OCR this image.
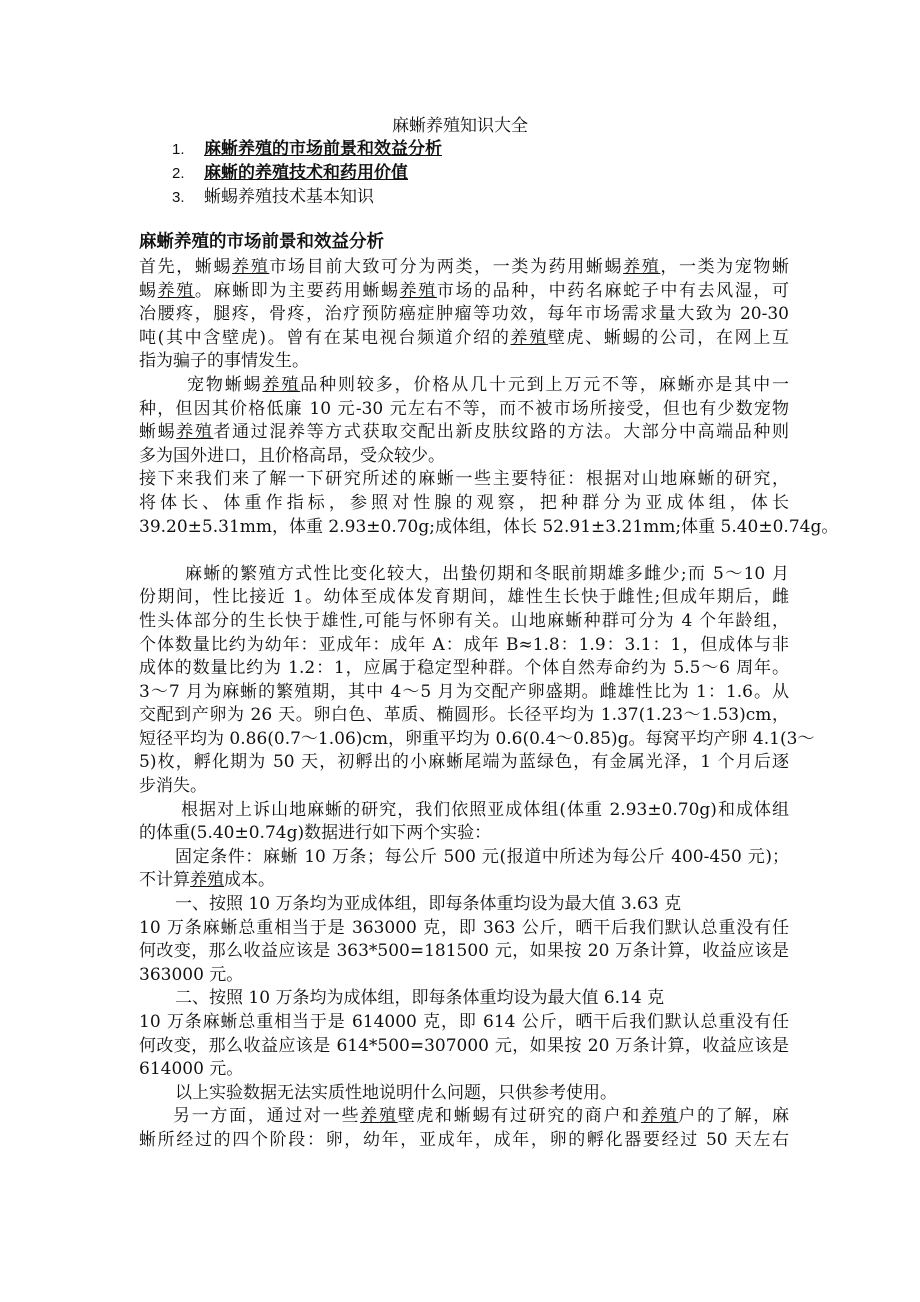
麻蜥养殖知识大全
1. 麻蜥养殖的市场前景和效益分析
2. 麻蜥的养殖技术和药用价值
3. 蜥蜴养殖技术基本知识
麻蜥养殖的市场前景和效益分析
首先，蜥蜴养殖市场目前大致可分为两类，一类为药用蜥蜴养殖，一类为宠物蜥
蜴养殖。麻蜥即为主要药用蜥蜴养殖市场的品种，中药名麻蛇子中有去风湿，可
冶腰疼，腿疼，骨疼，治疗预防癌症肿瘤等功效，每年市场需求量大致为 20-30
吨(其中含壁虎)。曾有在某电视台频道介绍的养殖壁虎、蜥蜴的公司，在网上互
指为骗子的事情发生。
宠物蜥蜴养殖品种则较多，价格从几十元到上万元不等，麻蜥亦是其中一
种，但因其价格低廉 10 元-30 元左右不等，而不被市场所接受，但也有少数宠物
蜥蜴养殖者通过混养等方式获取交配出新皮肤纹路的方法。大部分中高端品种则
多为国外进口，且价格高昂，受众较少。
接下来我们来了解一下研究所述的麻蜥一些主要特征：根据对山地麻蜥的研究，
将体长、体重作指标，参照对性腺的观察，把种群分为亚成体组，体长
39.20±5.31mm，体重 2.93±0.70g;成体组，体长 52.91±3.21mm;体重 5.40±0.74g。
麻蜥的繁殖方式性比变化较大，出蛰仞期和冬眠前期雄多雌少;而 5～10 月
份期间，性比接近 1。幼体至成体发育期间，雄性生长快于雌性;但成年期后，雌
性头体部分的生长快于雄性,可能与怀卵有关。山地麻蜥种群可分为 4 个年龄组，
个体数量比约为幼年：亚成年：成年 A：成年 B≈1.8：1.9：3.1：1，但成体与非
成体的数量比约为 1.2：1，应属于稳定型种群。个体自然寿命约为 5.5～6 周年。
3～7 月为麻蜥的繁殖期，其中 4～5 月为交配产卵盛期。雌雄性比为 1：1.6。从
交配到产卵为 26 天。卵白色、革质、椭圆形。长径平均为 1.37(1.23～1.53)cm，
短径平均为 0.86(0.7～1.06)cm，卵重平均为 0.6(0.4～0.85)g。每窝平均产卵 4.1(3～
5)枚，孵化期为 50 天，初孵出的小麻蜥尾端为蓝绿色，有金属光泽，1 个月后逐
步消失。
根据对上诉山地麻蜥的研究，我们依照亚成体组(体重 2.93±0.70g)和成体组
的体重(5.40±0.74g)数据进行如下两个实验：
固定条件：麻蜥 10 万条；每公斤 500 元(报道中所述为每公斤 400-450 元)；
不计算养殖成本。
一、按照 10 万条均为亚成体组，即每条体重均设为最大值 3.63 克
10 万条麻蜥总重相当于是 363000 克，即 363 公斤，晒干后我们默认总重没有任
何改变，那么收益应该是 363*500=181500 元，如果按 20 万条计算，收益应该是
363000 元。
二、按照 10 万条均为成体组，即每条体重均设为最大值 6.14 克
10 万条麻蜥总重相当于是 614000 克，即 614 公斤，晒干后我们默认总重没有任
何改变，那么收益应该是 614*500=307000 元，如果按 20 万条计算，收益应该是
614000 元。
以上实验数据无法实质性地说明什么问题，只供参考使用。
另一方面，通过对一些养殖壁虎和蜥蜴有过研究的商户和养殖户的了解，麻
蜥所经过的四个阶段：卵，幼年，亚成年，成年，卵的孵化器要经过 50 天左右
